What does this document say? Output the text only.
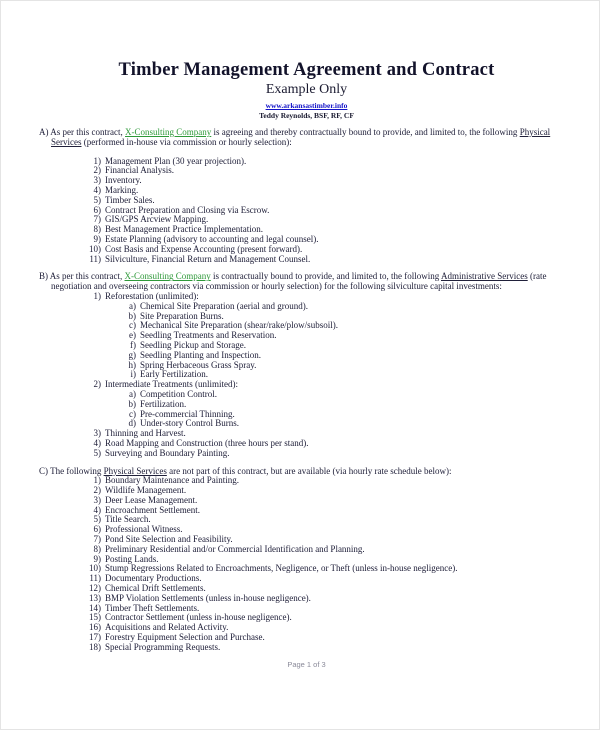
Timber Management Agreement and Contract
Example Only
www.arkansastimber.info
Teddy Reynolds, BSF, RF, CF

A) As per this contract, X-Consulting Company is agreeing and thereby contractually bound to provide, and limited to, the following Physical Services (performed in-house via commission or hourly selection):

1) Management Plan (30 year projection).
2) Financial Analysis.
3) Inventory.
4) Marking.
5) Timber Sales.
6) Contract Preparation and Closing via Escrow.
7) GIS/GPS Arcview Mapping.
8) Best Management Practice Implementation.
9) Estate Planning (advisory to accounting and legal counsel).
10) Cost Basis and Expense Accounting (present forward).
11) Silviculture, Financial Return and Management Counsel.

B) As per this contract, X-Consulting Company is contractually bound to provide, and limited to, the following Administrative Services (rate negotiation and overseeing contractors via commission or hourly selection) for the following silviculture capital investments:

1) Reforestation (unlimited):
a) Chemical Site Preparation (aerial and ground).
b) Site Preparation Burns.
c) Mechanical Site Preparation (shear/rake/plow/subsoil).
e) Seedling Treatments and Reservation.
f) Seedling Pickup and Storage.
g) Seedling Planting and Inspection.
h) Spring Herbaceous Grass Spray.
i) Early Fertilization.
2) Intermediate Treatments (unlimited):
a) Competition Control.
b) Fertilization.
c) Pre-commercial Thinning.
d) Under-story Control Burns.
3) Thinning and Harvest.
4) Road Mapping and Construction (three hours per stand).
5) Surveying and Boundary Painting.

C) The following Physical Services are not part of this contract, but are available (via hourly rate schedule below):

1) Boundary Maintenance and Painting.
2) Wildlife Management.
3) Deer Lease Management.
4) Encroachment Settlement.
5) Title Search.
6) Professional Witness.
7) Pond Site Selection and Feasibility.
8) Preliminary Residential and/or Commercial Identification and Planning.
9) Posting Lands.
10) Stump Regressions Related to Encroachments, Negligence, or Theft (unless in-house negligence).
11) Documentary Productions.
12) Chemical Drift Settlements.
13) BMP Violation Settlements (unless in-house negligence).
14) Timber Theft Settlements.
15) Contractor Settlement (unless in-house negligence).
16) Acquisitions and Related Activity.
17) Forestry Equipment Selection and Purchase.
18) Special Programming Requests.
Page 1 of 3
